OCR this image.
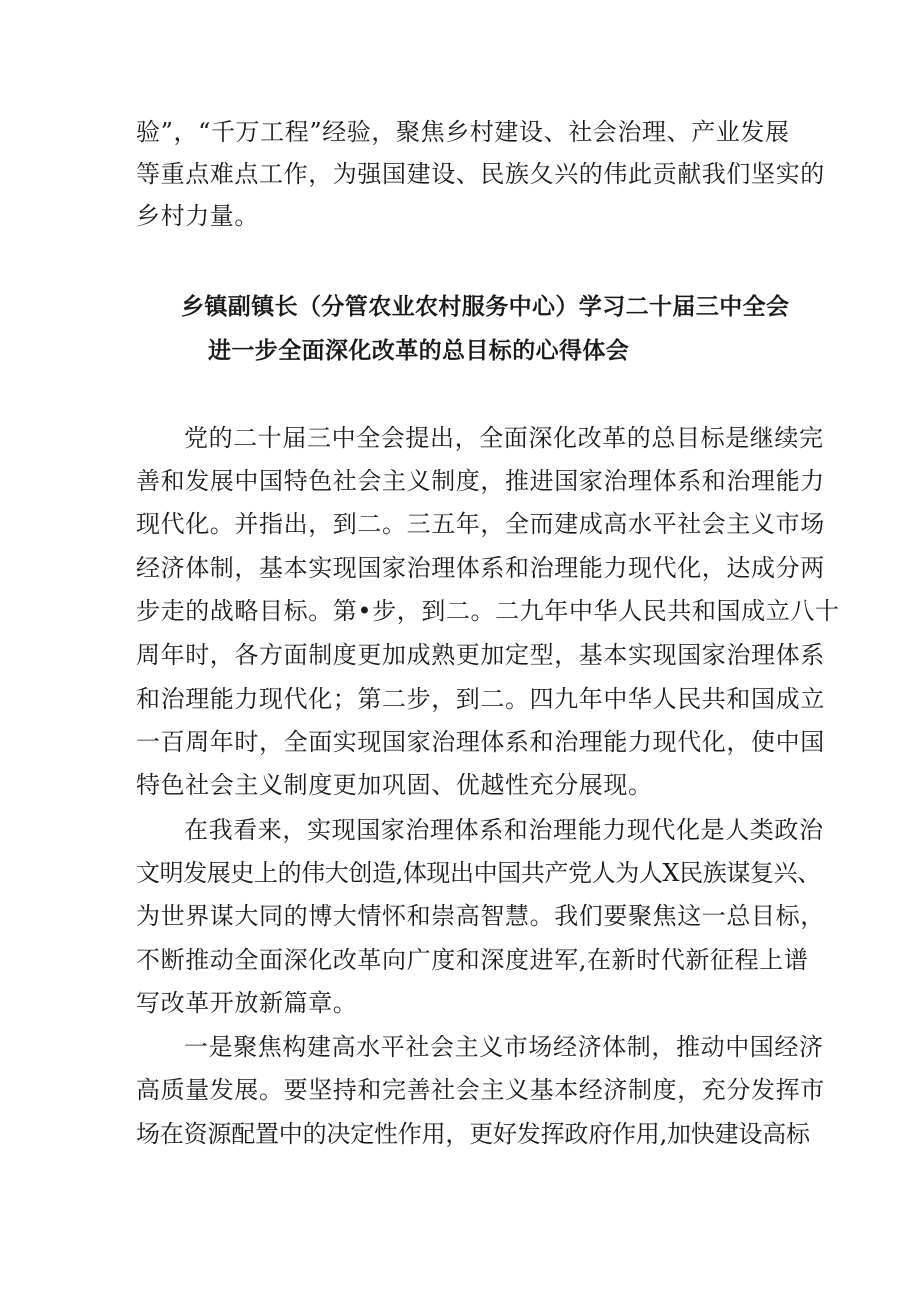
验”，“千万工程”经验，聚焦乡村建设、社会治理、产业发展
等重点难点工作，为强国建设、民族夂兴的伟此贡献我们坚实的
乡村力量。
乡镇副镇长（分管农业农村服务中心）学习二十届三中全会
进一步全面深化改革的总目标的心得体会
党的二十届三中全会提出，全面深化改革的总目标是继续完
善和发展中国特色社会主义制度，推进国家治理体系和治理能力
现代化。并指出，到二。三五年，全而建成高水平社会主义市场
经济体制，基本实现国家治理体系和治理能力现代化，达成分两
步走的战略目标。第•步，到二。二九年中华人民共和国成立八十
周年时，各方面制度更加成熟更加定型，基本实现国家治理体系
和治理能力现代化；第二步，到二。四九年中华人民共和国成立
一百周年时，全面实现国家治理体系和治理能力现代化，使中国
特色社会主义制度更加巩固、优越性充分展现。
在我看来，实现国家治理体系和治理能力现代化是人类政治
文明发展史上的伟大创造,体现出中国共产党人为人X民族谋复兴、
为世界谋大同的博大情怀和崇高智慧。我们要聚焦这一总目标，
不断推动全面深化改革向广度和深度进军,在新时代新征程上谱
写改革开放新篇章。
一是聚焦构建高水平社会主义市场经济体制，推动中国经济
高质量发展。要坚持和完善社会主义基本经济制度，充分发挥市
场在资源配置中的决定性作用，更好发挥政府作用,加快建设高标
